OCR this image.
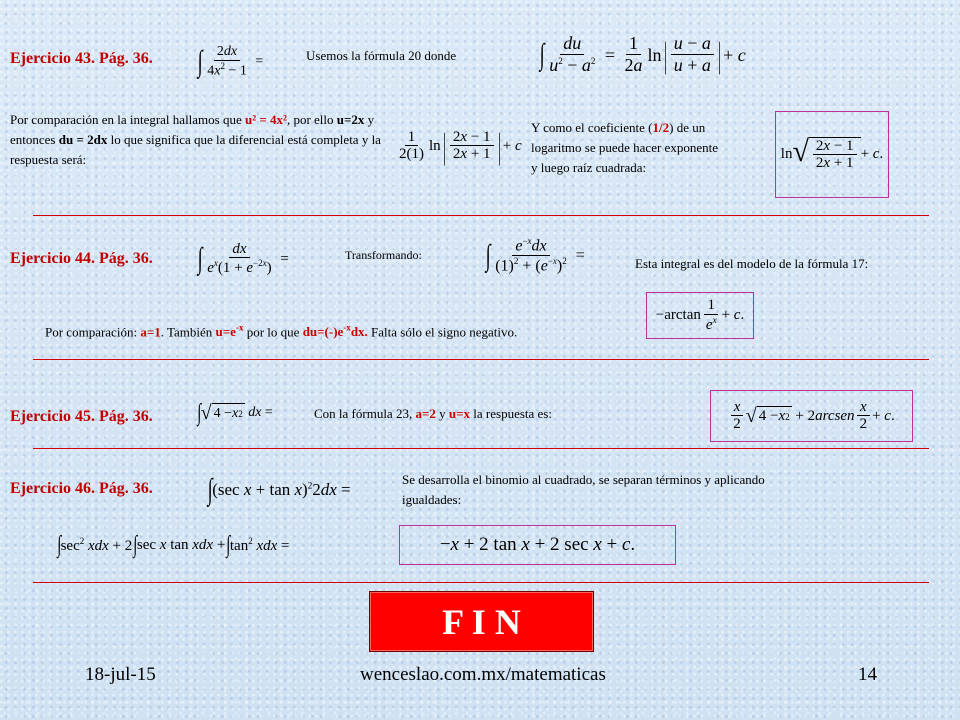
Ejercicio 43. Pág. 36. ∫ $\frac{2dx}{4x^2 - 1}$ =	Usemos la fórmula 20 donde	∫ $\frac{du}{u^2 - a^2} = \frac{1}{2a}$ ln | $\frac{u - a}{u + a}$ | + c
Por comparación en la integral hallamos que u² = 4x², por ello u=2x y entonces du = 2dx lo que significa que la diferencial está completa y la respuesta será:	$\frac{1}{2(1)}$ ln | $\frac{2x - 1}{2x + 1}$ | + c
Y como el coeficiente (1/2) de un logaritmo se puede hacer exponente y luego raíz cuadrada:
ln √ $\frac{2x - 1}{2x + 1} + c$.
Ejercicio 44. Pág. 36. ∫ $\frac{dx}{e^x(1 + e^{-2x})}$ =	Transformando: ∫ $\frac{e^{-x}dx}{(1)^2 + (e^{-x})^2}$ =	Esta integral es del modelo de la fórmula 17:
$-\arctan \frac{1}{e^x} + c$.
Por comparación: a=1. También $u=e^{-x}$ por lo que $du=(-)e^{-x}dx$. Falta sólo el signo negativo.
Ejercicio 45. Pág. 36. ∫ √ 4 − x 2 dx =	Con la fórmula 23, a=2 y u=x la respuesta es:	$\frac{x}{2}$ √ 4 − x 2 + 2arcsen $\frac{x}{2} + c$.
Ejercicio 46. Pág. 36. ∫ (sec x + tan x)$^2$2dx =
Se desarrolla el binomio al cuadrado, se separan términos y aplicando igualdades:
∫ $\sec^2$ xdx + 2 ∫ sec x tan xdx + ∫ $\tan^2$ xdx =	−x + 2 tan x + 2 sec x + c.
F I N
18-jul-15	wenceslao.com.mx/matematicas	14
